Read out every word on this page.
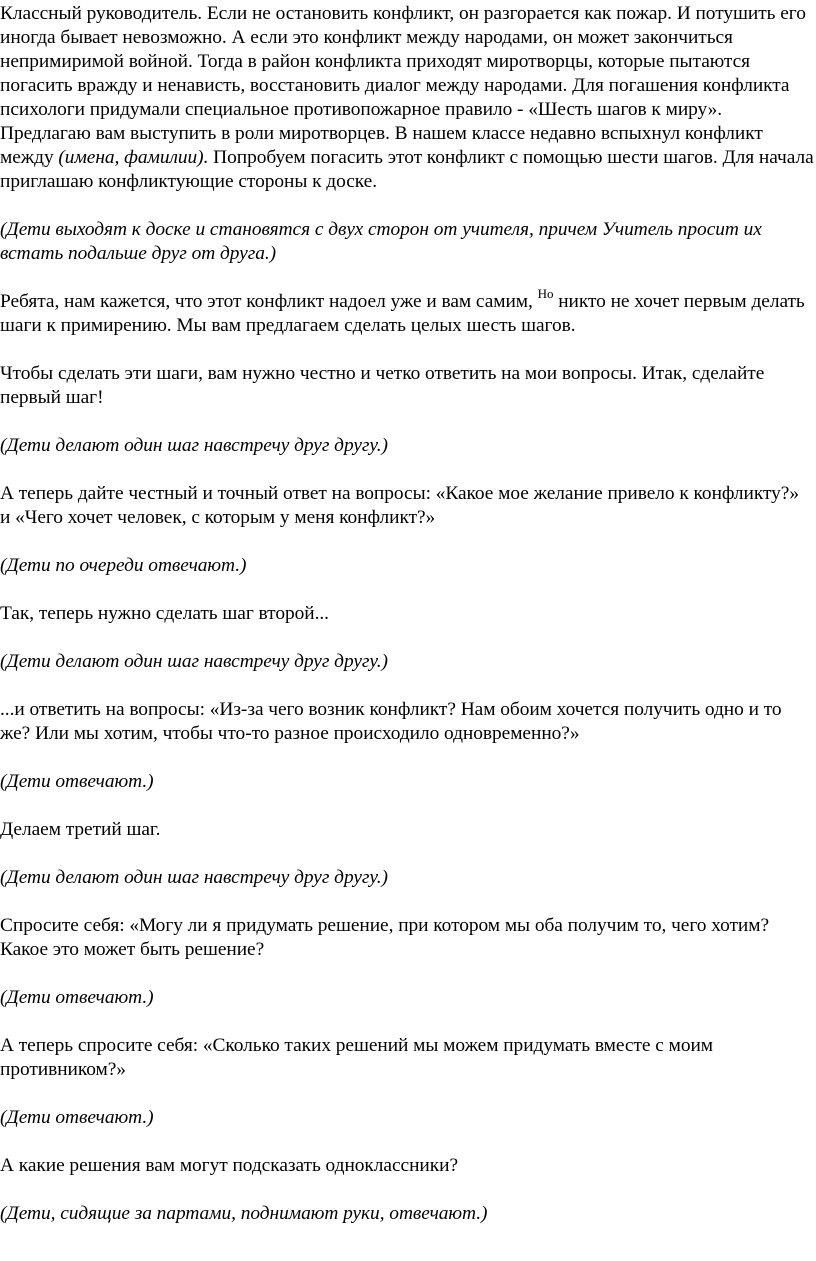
Классный руководитель. Если не остановить конфликт, он разгорается как пожар. И потушить его иногда бывает невозможно. А если это конфликт между народами, он может закончиться непримиримой войной. Тогда в район конфликта приходят миротворцы, которые пытаются погасить вражду и ненависть, восстановить диалог между народами. Для погашения конфликта психологи придумали специальное противопожарное правило - «Шесть шагов к миру». Предлагаю вам выступить в роли миротворцев. В нашем классе недавно вспыхнул конфликт между (имена, фамилии). Попробуем погасить этот конфликт с помощью шести шагов. Для начала приглашаю конфликтующие стороны к доске.

(Дети выходят к доске и становятся с двух сторон от учителя, причем Учитель просит их встать подальше друг от друга.)

Ребята, нам кажется, что этот конфликт надоел уже и вам самим, $^{Но}$ никто не хочет первым делать шаги к примирению. Мы вам предлагаем сделать целых шесть шагов.

Чтобы сделать эти шаги, вам нужно честно и четко ответить на мои вопросы. Итак, сделайте первый шаг!

(Дети делают один шаг навстречу друг другу.)

А теперь дайте честный и точный ответ на вопросы: «Какое мое желание привело к конфликту?» и «Чего хочет человек, с которым у меня конфликт?»

(Дети по очереди отвечают.)

Так, теперь нужно сделать шаг второй...

(Дети делают один шаг навстречу друг другу.)

...и ответить на вопросы: «Из-за чего возник конфликт? Нам обоим хочется получить одно и то же? Или мы хотим, чтобы что-то разное происходило одновременно?»

(Дети отвечают.)

Делаем третий шаг.

(Дети делают один шаг навстречу друг другу.)

Спросите себя: «Могу ли я придумать решение, при котором мы оба получим то, чего хотим? Какое это может быть решение?

(Дети отвечают.)

А теперь спросите себя: «Сколько таких решений мы можем придумать вместе с моим противником?»

(Дети отвечают.)

А какие решения вам могут подсказать одноклассники?

(Дети, сидящие за партами, поднимают руки, отвечают.)
